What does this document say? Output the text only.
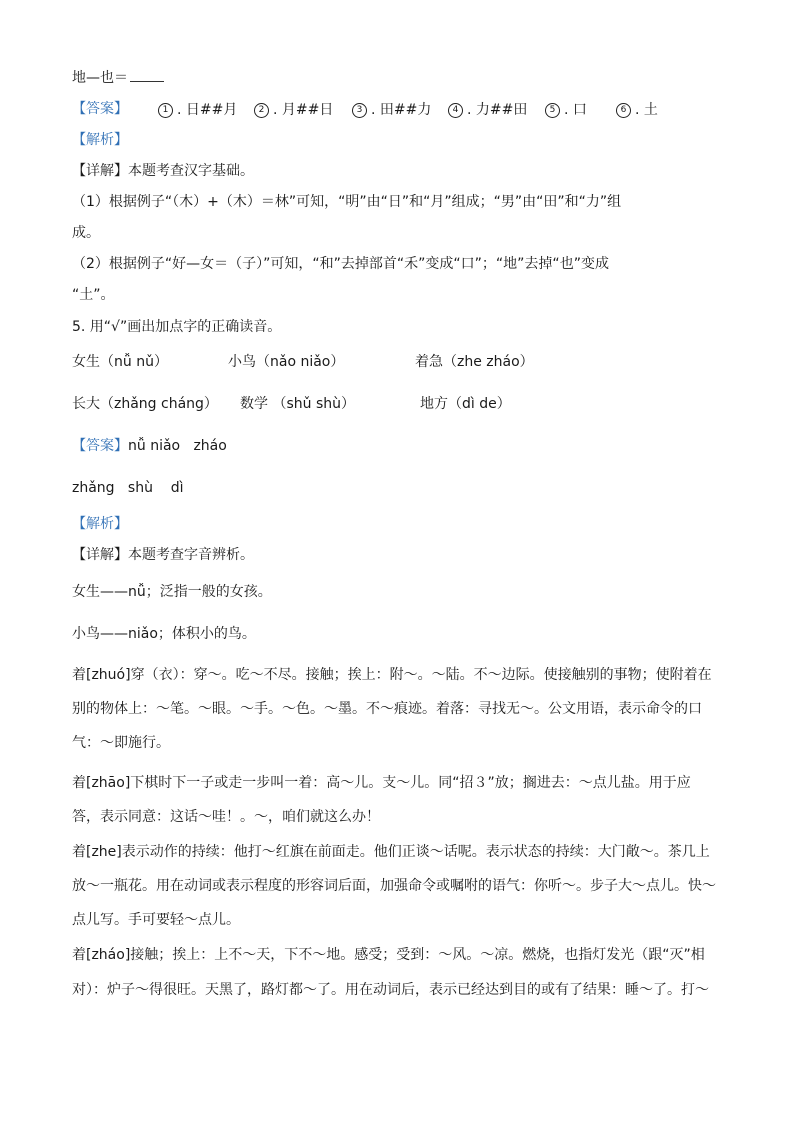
地—也＝
【答案】	1 . 日##月	2 . 月##日	3 . 田##力	4 . 力##田	5 . 口	6 . 土
【解析】
【详解】本题考查汉字基础。
（1）根据例子“（木）+（木）＝林”可知，“明”由“日”和“月”组成；“男”由“田”和“力”组
成。
（2）根据例子“好—女＝（子）”可知，“和”去掉部首“禾”变成“口”；“地”去掉“也”变成
“土”。
5. 用“√”画出加点字的正确读音。
女生（nǚ nǔ）	小鸟（nǎo niǎo）	着急（zhe zháo）
长大（zhǎng cháng） 数学 （shǔ shù）	地方（dì de）
【答案】nǚ niǎo   zháo
zhǎng   shù    dì
【解析】
【详解】本题考查字音辨析。
女生——nǚ；泛指一般的女孩。
小鸟——niǎo；体积小的鸟。
着[zhuó]穿（衣）：穿～。吃～不尽。接触；挨上：附～。～陆。不～边际。使接触别的事物；使附着在
别的物体上：～笔。～眼。～手。～色。～墨。不～痕迹。着落：寻找无～。公文用语，表示命令的口
气：～即施行。
着[zhāo]下棋时下一子或走一步叫一着：高～儿。支～儿。同“招３”放；搁进去：～点儿盐。用于应
答，表示同意：这话～哇！。～，咱们就这么办！
着[zhe]表示动作的持续：他打～红旗在前面走。他们正谈～话呢。表示状态的持续：大门敞～。茶几上
放～一瓶花。用在动词或表示程度的形容词后面，加强命令或嘱咐的语气：你听～。步子大～点儿。快～
点儿写。手可要轻～点儿。
着[zháo]接触；挨上：上不～天，下不～地。感受；受到：～风。～凉。燃烧，也指灯发光（跟“灭”相
对）：炉子～得很旺。天黑了，路灯都～了。用在动词后，表示已经达到目的或有了结果：睡～了。打～
